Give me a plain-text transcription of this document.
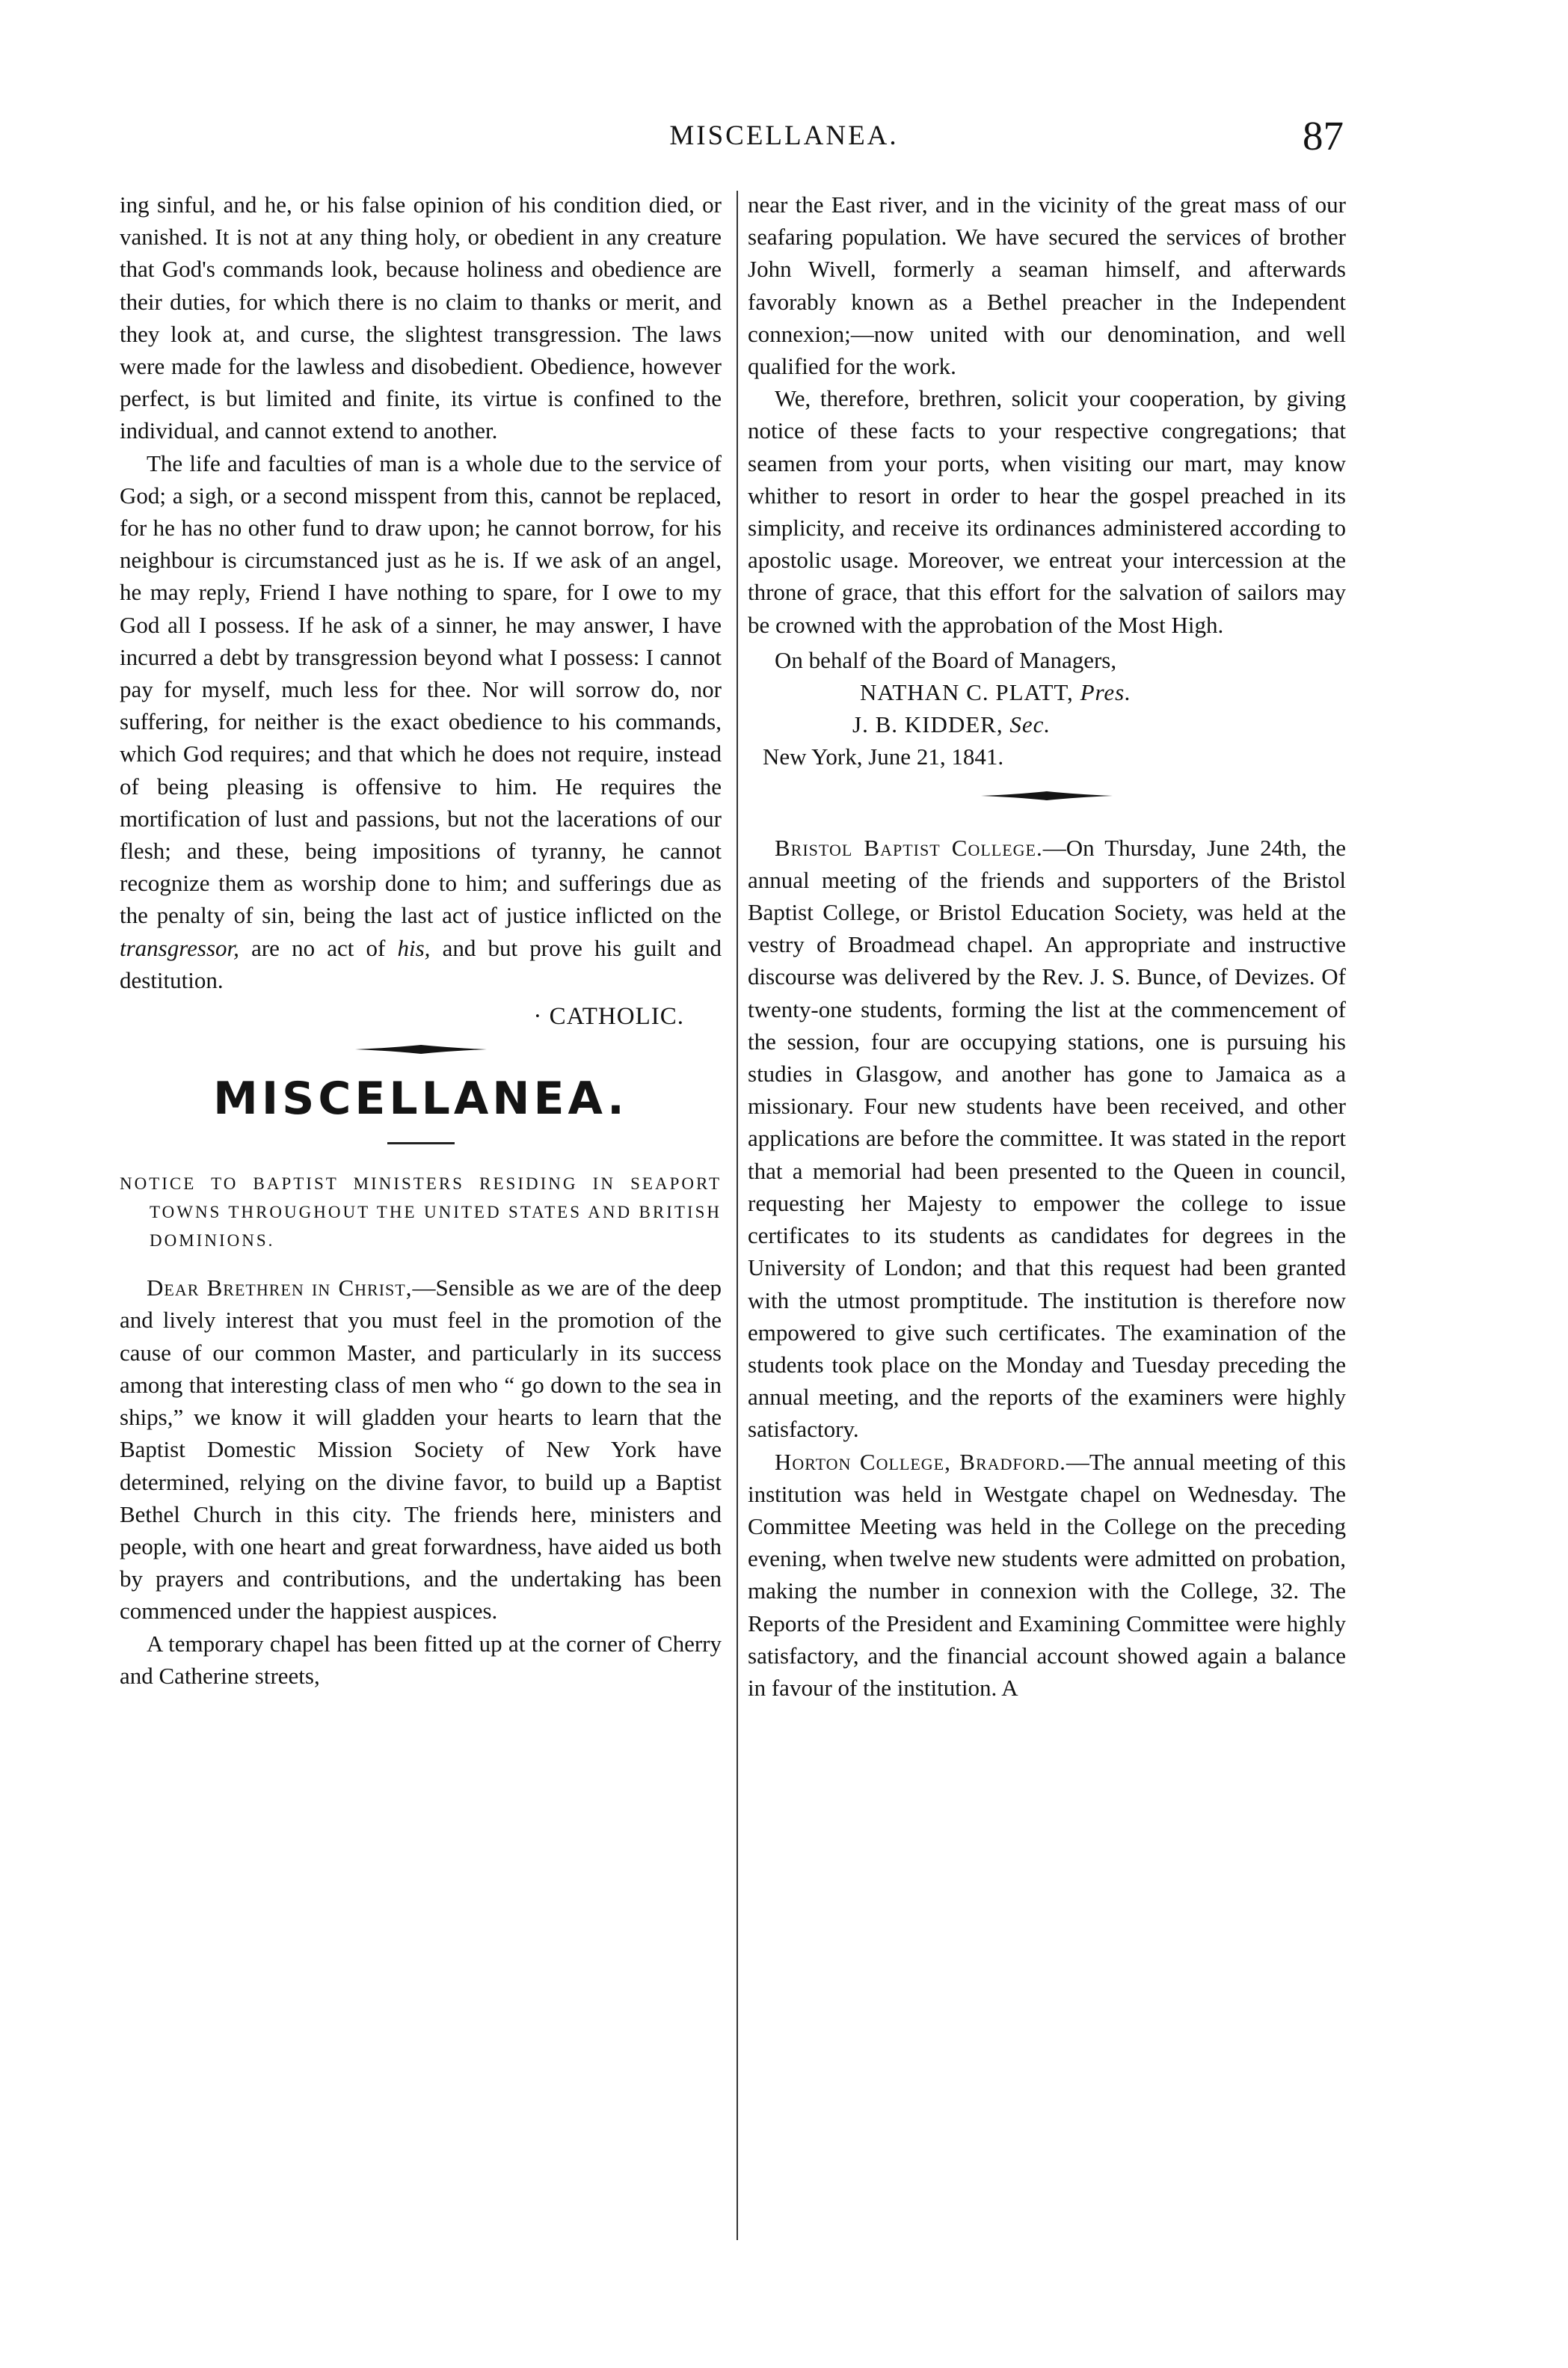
MISCELLANEA.	87

ing sinful, and he, or his false opinion of his condition died, or vanished. It is not at any thing holy, or obedient in any creature that God's commands look, because holiness and obedience are their duties, for which there is no claim to thanks or merit, and they look at, and curse, the slightest transgression. The laws were made for the lawless and disobedient. Obedience, however perfect, is but limited and finite, its virtue is confined to the individual, and cannot extend to another.

The life and faculties of man is a whole due to the service of God; a sigh, or a second misspent from this, cannot be replaced, for he has no other fund to draw upon; he cannot borrow, for his neighbour is circumstanced just as he is. If we ask of an angel, he may reply, Friend I have nothing to spare, for I owe to my God all I possess. If he ask of a sinner, he may answer, I have incurred a debt by transgression beyond what I possess: I cannot pay for myself, much less for thee. Nor will sorrow do, nor suffering, for neither is the exact obedience to his commands, which God requires; and that which he does not require, instead of being pleasing is offensive to him. He requires the mortification of lust and passions, but not the lacerations of our flesh; and these, being impositions of tyranny, he cannot recognize them as worship done to him; and sufferings due as the penalty of sin, being the last act of justice inflicted on the transgressor, are no act of his, and but prove his guilt and destitution.

· CATHOLIC.

MISCELLANEA.

NOTICE TO BAPTIST MINISTERS RESIDING IN SEAPORT TOWNS THROUGHOUT THE UNITED STATES AND BRITISH DOMINIONS.

Dear Brethren in Christ,—Sensible as we are of the deep and lively interest that you must feel in the promotion of the cause of our common Master, and particularly in its success among that interesting class of men who “ go down to the sea in ships,” we know it will gladden your hearts to learn that the Baptist Domestic Mission Society of New York have determined, relying on the divine favor, to build up a Baptist Bethel Church in this city. The friends here, ministers and people, with one heart and great forwardness, have aided us both by prayers and contributions, and the undertaking has been commenced under the happiest auspices.

A temporary chapel has been fitted up at the corner of Cherry and Catherine streets,

near the East river, and in the vicinity of the great mass of our seafaring population. We have secured the services of brother John Wivell, formerly a seaman himself, and afterwards favorably known as a Bethel preacher in the Independent connexion;—now united with our denomination, and well qualified for the work.

We, therefore, brethren, solicit your cooperation, by giving notice of these facts to your respective congregations; that seamen from your ports, when visiting our mart, may know whither to resort in order to hear the gospel preached in its simplicity, and receive its ordinances administered according to apostolic usage. Moreover, we entreat your intercession at the throne of grace, that this effort for the salvation of sailors may be crowned with the approbation of the Most High.

On behalf of the Board of Managers,

NATHAN C. PLATT, Pres.

J. B. KIDDER, Sec.

New York, June 21, 1841.

Bristol Baptist College.—On Thursday, June 24th, the annual meeting of the friends and supporters of the Bristol Baptist College, or Bristol Education Society, was held at the vestry of Broadmead chapel. An appropriate and instructive discourse was delivered by the Rev. J. S. Bunce, of Devizes. Of twenty-one students, forming the list at the commencement of the session, four are occupying stations, one is pursuing his studies in Glasgow, and another has gone to Jamaica as a missionary. Four new students have been received, and other applications are before the committee. It was stated in the report that a memorial had been presented to the Queen in council, requesting her Majesty to empower the college to issue certificates to its students as candidates for degrees in the University of London; and that this request had been granted with the utmost promptitude. The institution is therefore now empowered to give such certificates. The examination of the students took place on the Monday and Tuesday preceding the annual meeting, and the reports of the examiners were highly satisfactory.

Horton College, Bradford.—The annual meeting of this institution was held in Westgate chapel on Wednesday. The Committee Meeting was held in the College on the preceding evening, when twelve new students were admitted on probation, making the number in connexion with the College, 32. The Reports of the President and Examining Committee were highly satisfactory, and the financial account showed again a balance in favour of the institution. A
